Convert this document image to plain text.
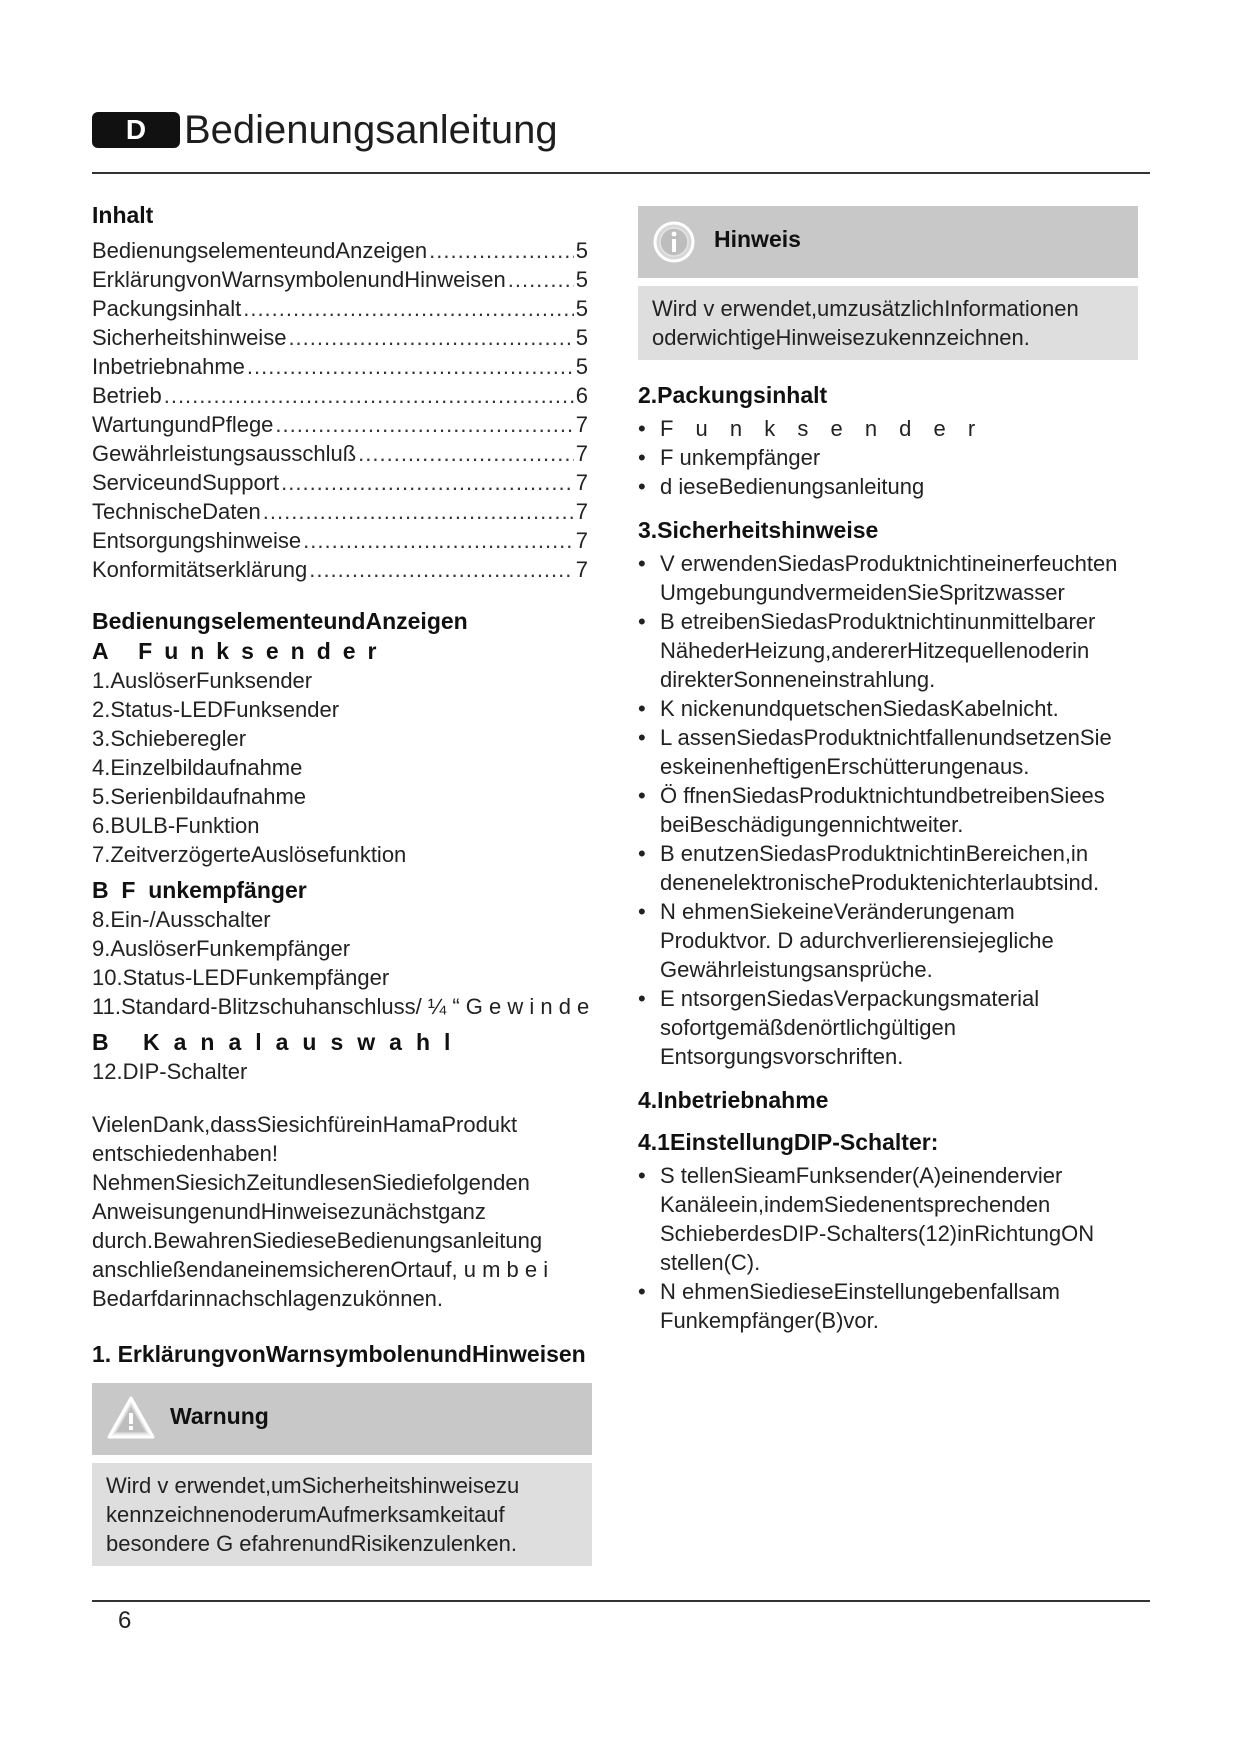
D Bedienungsanleitung
Inhalt
BedienungselementeundAnzeigen .....	5
ErklärungvonWarnsymbolenundHinweisen .....	5
Packungsinhalt .....	5
Sicherheitshinweise .....	5
Inbetriebnahme .....	5
Betrieb .....	6
WartungundPflege .....	7
Gewährleistungsausschluß .....	7
ServiceundSupport .....	7
TechnischeDaten .....	7
Entsorgungshinweise .....	7
Konformitätserklärung .....	7
BedienungselementeundAnzeigen
A Funksender
1.AuslöserFunksender
2.Status-LEDFunksender
3.Schieberegler
4.Einzelbildaufnahme
5.Serienbildaufnahme
6.BULB-Funktion
7.ZeitverzögerteAuslösefunktion
B  F  unkempfänger
8.Ein-/Ausschalter
9.AuslöserFunkempfänger
10.Status-LEDFunkempfänger
11.Standard-Blitzschuhanschluss/ ¼ “ G e w i n d e
B Kanalauswahl
12.DIP-Schalter
VielenDank,dassSiesichfüreinHamaProdukt
entschiedenhaben!
NehmenSiesichZeitundlesenSiediefolgenden
AnweisungenundHinweisezunächstganz
durch.BewahrenSiedieseBedienungsanleitung
anschließendaneinemsicherenOrtauf, u m b e i
Bedarfdarinnachschlagenzukönnen.
1. ErklärungvonWarnsymbolenundHinweisen
Warnung
Wird v erwendet,umSicherheitshinweisezu
kennzeichnenoderumAufmerksamkeitauf
besondere G efahrenundRisikenzulenken.
Hinweis
Wird v erwendet,umzusätzlichInformationen
oderwichtigeHinweisezukennzeichnen.
2.Packungsinhalt
• F u n k s e n d e r
• F unkempfänger
• d ieseBedienungsanleitung
3.Sicherheitshinweise
• V erwendenSiedasProduktnichtineinerfeuchten
UmgebungundvermeidenSieSpritzwasser
• B etreibenSiedasProduktnichtinunmittelbarer
NähederHeizung,andererHitzequellenoderin
direkterSonneneinstrahlung.
• K nickenundquetschenSiedasKabelnicht.
• L assenSiedasProduktnichtfallenundsetzenSie
eskeinenheftigenErschütterungenaus.
• Ö ffnenSiedasProduktnichtundbetreibenSiees
beiBeschädigungennichtweiter.
• B enutzenSiedasProduktnichtinBereichen,in
denenelektronischeProduktenichterlaubtsind.
• N ehmenSiekeineVeränderungenam
Produktvor. D adurchverlierensiejegliche
Gewährleistungsansprüche.
• E ntsorgenSiedasVerpackungsmaterial
sofortgemäßdenörtlichgültigen
Entsorgungsvorschriften.
4.Inbetriebnahme
4.1EinstellungDIP-Schalter:
• S tellenSieamFunksender(A)einendervier
Kanäleein,indemSiedenentsprechenden
SchieberdesDIP-Schalters(12)inRichtungON
stellen(C).
• N ehmenSiedieseEinstellungebenfallsam
Funkempfänger(B)vor.
6
